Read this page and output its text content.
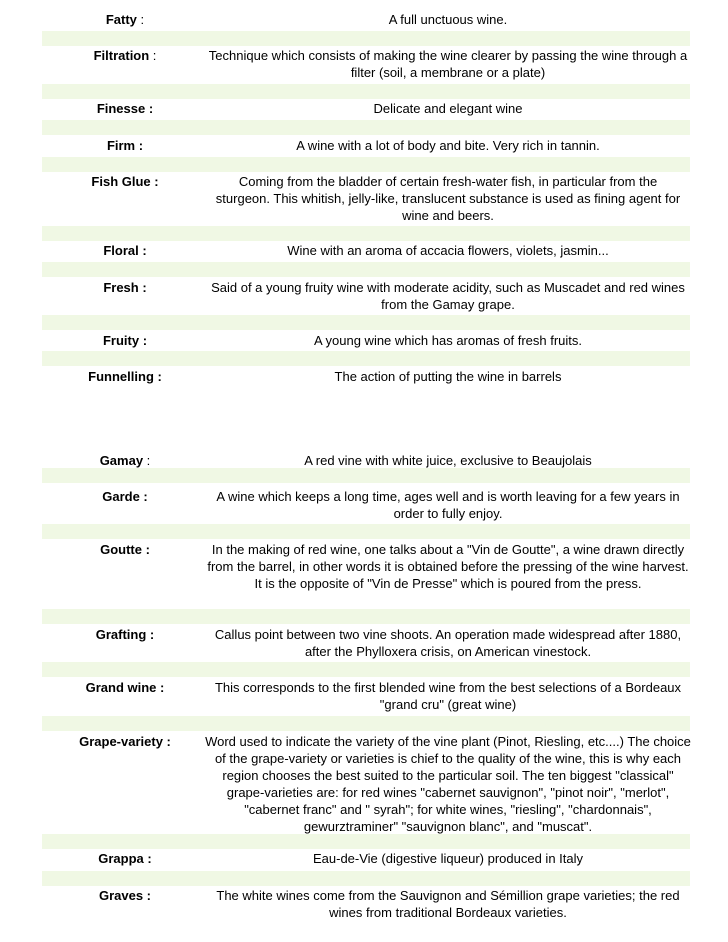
Fatty :	A full unctuous wine.
Filtration :	Technique which consists of making the wine clearer by passing the wine through a filter (soil, a membrane or a plate)
Finesse :	Delicate and elegant wine
Firm :	A wine with a lot of body and bite. Very rich in tannin.
Fish Glue :	Coming from the bladder of certain fresh-water fish, in particular from the sturgeon. This whitish, jelly-like, translucent substance is used as fining agent for wine and beers.
Floral :	Wine with an aroma of accacia flowers, violets, jasmin...
Fresh :	Said of a young fruity wine with moderate acidity, such as Muscadet and red wines from the Gamay grape.
Fruity :	A young wine which has aromas of fresh fruits.
Funnelling :	The action of putting the wine in barrels
Gamay :	A red vine with white juice, exclusive to Beaujolais
Garde :	A wine which keeps a long time, ages well and is worth leaving for a few years in order to fully enjoy.
Goutte :	In the making of red wine, one talks about a "Vin de Goutte", a wine drawn directly from the barrel, in other words it is obtained before the pressing of the wine harvest. It is the opposite of "Vin de Presse" which is poured from the press.
Grafting :	Callus point between two vine shoots. An operation made widespread after 1880, after the Phylloxera crisis, on American vinestock.
Grand wine :	This corresponds to the first blended wine from the best selections of a Bordeaux "grand cru" (great wine)
Grape-variety :	Word used to indicate the variety of the vine plant (Pinot, Riesling, etc....) The choice of the grape-variety or varieties is chief to the quality of the wine, this is why each region chooses the best suited to the particular soil. The ten biggest "classical" grape-varieties are: for red wines "cabernet sauvignon", "pinot noir", "merlot", "cabernet franc" and " syrah"; for white wines, "riesling", "chardonnais", gewurztraminer" "sauvignon blanc", and "muscat".
Grappa :	Eau-de-Vie (digestive liqueur) produced in Italy
Graves :	The white wines come from the Sauvignon and Sémillion grape varieties; the red wines from traditional Bordeaux varieties.
